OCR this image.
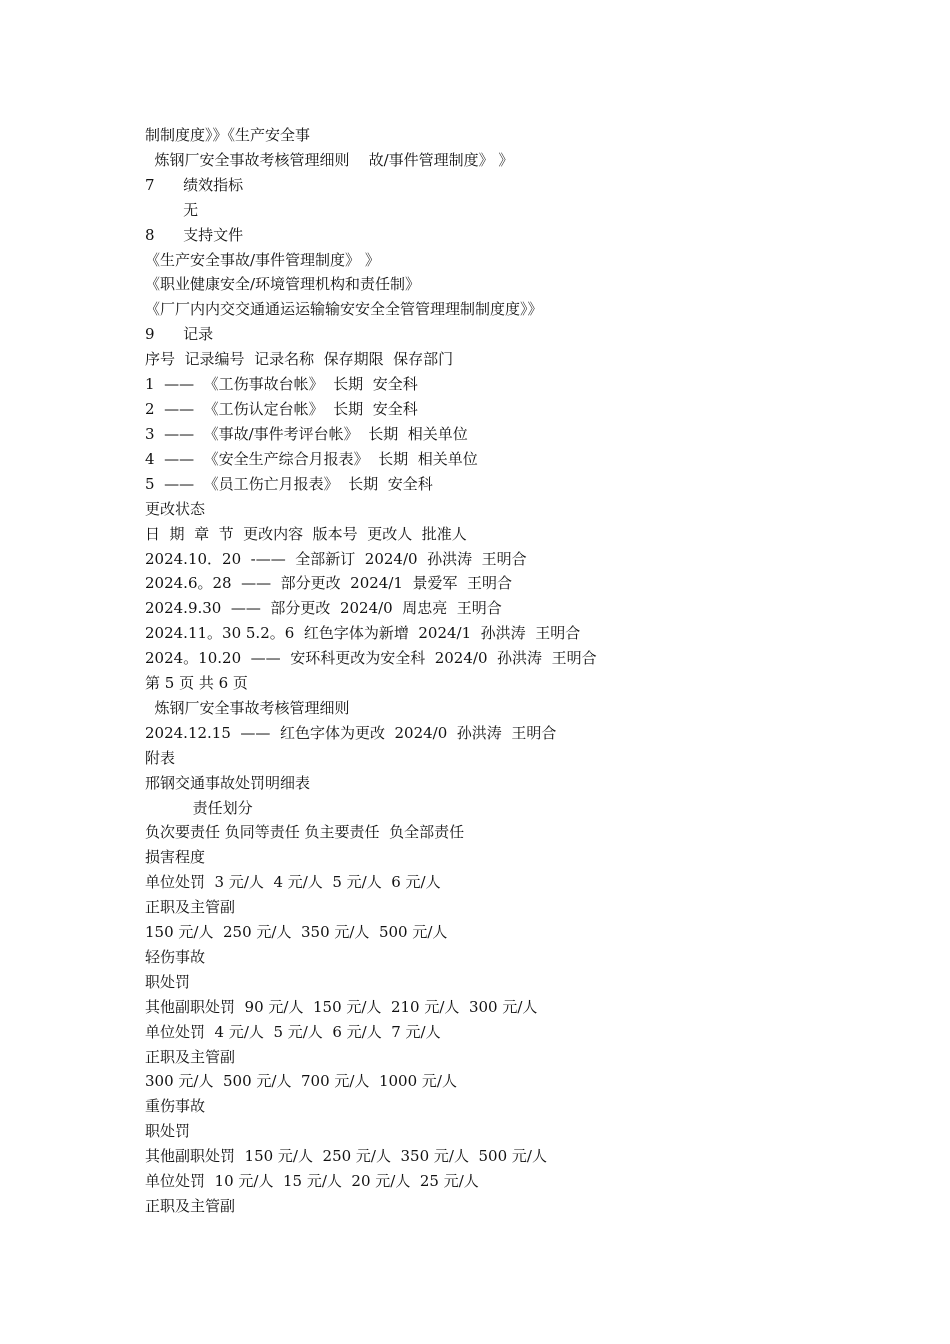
制制度度》》《生产安全事
炼钢厂安全事故考核管理细则    故/事件管理制度》 》
7      绩效指标
无
8      支持文件
《生产安全事故/事件管理制度》 》
《职业健康安全/环境管理机构和责任制》
《厂厂内内交交通通运运输输安安全全管管理理制制度度》》
9      记录
序号  记录编号  记录名称  保存期限  保存部门
1  ——  《工伤事故台帐》  长期  安全科
2  ——  《工伤认定台帐》  长期  安全科
3  ——  《事故/事件考评台帐》  长期  相关单位
4  ——  《安全生产综合月报表》  长期  相关单位
5  ——  《员工伤亡月报表》  长期  安全科
更改状态
日  期  章  节  更改内容  版本号  更改人  批准人
2024.10．20  -——  全部新订  2024/0  孙洪涛  王明合
2024.6。28  ——  部分更改  2024/1  景爱军  王明合
2024.9.30  ——  部分更改  2024/0  周忠亮  王明合
2024.11。30 5.2。6  红色字体为新增  2024/1  孙洪涛  王明合
2024。10.20  ——  安环科更改为安全科  2024/0  孙洪涛  王明合
第 5 页 共 6 页
炼钢厂安全事故考核管理细则
2024.12.15  ——  红色字体为更改  2024/0  孙洪涛  王明合
附表
邢钢交通事故处罚明细表
责任划分
负次要责任 负同等责任 负主要责任  负全部责任
损害程度
单位处罚  3 元/人  4 元/人  5 元/人  6 元/人
正职及主管副
150 元/人  250 元/人  350 元/人  500 元/人
轻伤事故
职处罚
其他副职处罚  90 元/人  150 元/人  210 元/人  300 元/人
单位处罚  4 元/人  5 元/人  6 元/人  7 元/人
正职及主管副
300 元/人  500 元/人  700 元/人  1000 元/人
重伤事故
职处罚
其他副职处罚  150 元/人  250 元/人  350 元/人  500 元/人
单位处罚  10 元/人  15 元/人  20 元/人  25 元/人
正职及主管副
